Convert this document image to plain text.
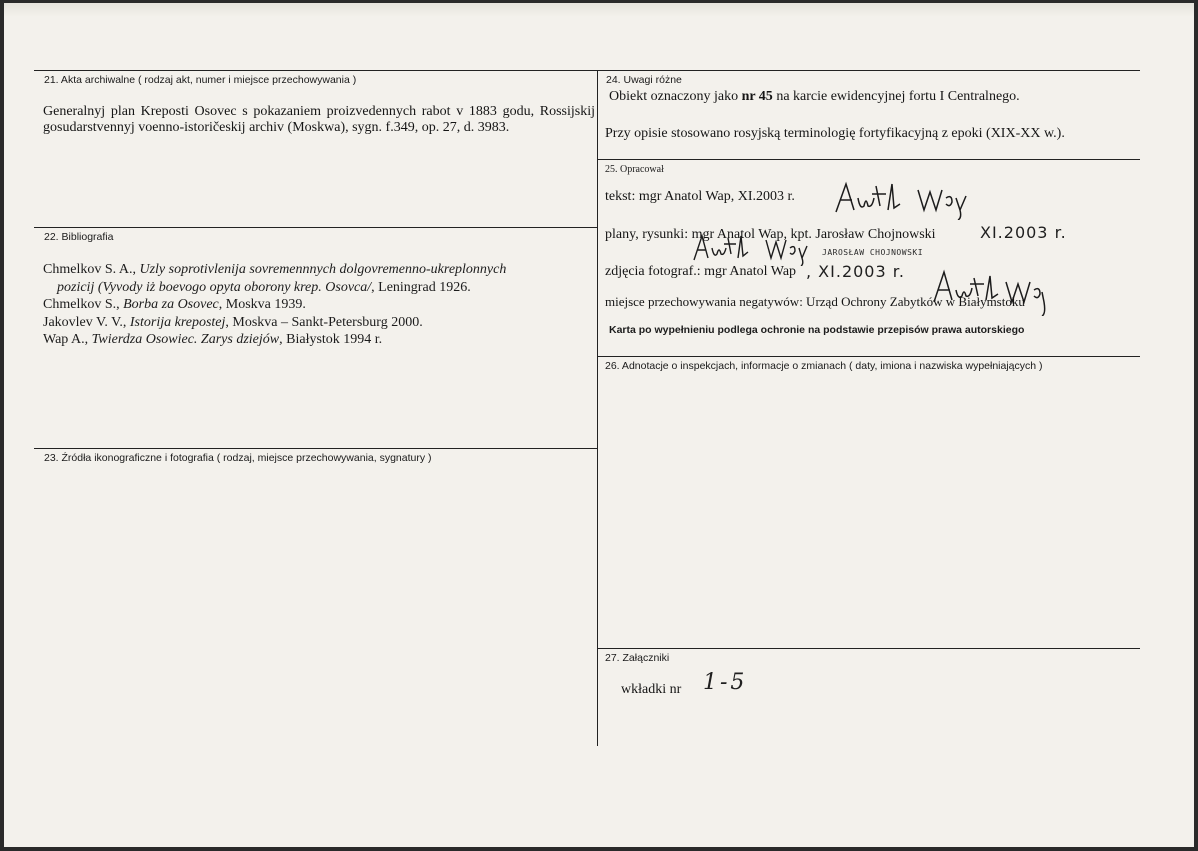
21. Akta archiwalne ( rodzaj akt, numer i miejsce przechowywania )
Generalnyj plan Kreposti Osovec s pokazaniem proizvedennych rabot v 1883 godu, Rossijskij gosudarstvennyj voenno-istoričeskij archiv (Moskwa), sygn. f.349, op. 27, d. 3983.
22. Bibliografia

Chmelkov S. A., Uzly soprotivlenija sovremennnych dolgovremenno-ukreplonnych

pozicij (Vyvody iż boevogo opyta oborony krep. Osovca/, Leningrad 1926.

Chmelkov S., Borba za Osovec, Moskva 1939.

Jakovlev V. V., Istorija krepostej, Moskva – Sankt-Petersburg 2000.

Wap A., Twierdza Osowiec. Zarys dziejów, Białystok 1994 r.

23. Źródła ikonograficzne i fotografia ( rodzaj, miejsce przechowywania, sygnatury )
24. Uwagi różne
Obiekt oznaczony jako nr 45 na karcie ewidencyjnej fortu I Centralnego.
Przy opisie stosowano rosyjską terminologię fortyfikacyjną z epoki (XIX-XX w.).
25. Opracował
tekst: mgr Anatol Wap, XI.2003 r.
plany, rysunki: mgr Anatol Wap, kpt. Jarosław Chojnowski	XI.2003 r.
JAROSŁAW CHOJNOWSKI
zdjęcia fotograf.: mgr Anatol Wap , XI.2003 r.
miejsce przechowywania negatywów: Urząd Ochrony Zabytków w Białymstoku
Karta po wypełnieniu podlega ochronie na podstawie przepisów prawa autorskiego
26. Adnotacje o inspekcjach, informacje o zmianach ( daty, imiona i nazwiska wypełniających )
27. Załączniki
wkładki nr 1-5
